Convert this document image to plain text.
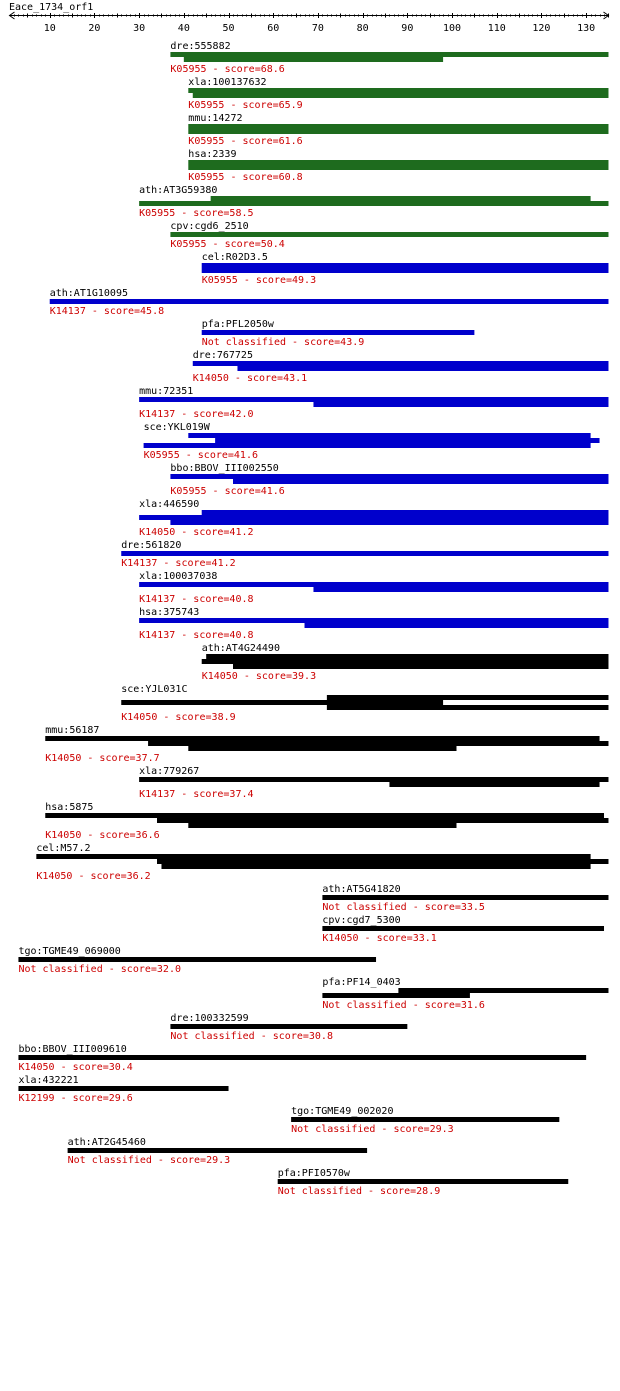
Eace_1734_orf1
10	20	30	40	50	60	70	80	90	100	110	120	130
dre:555882
K05955 - score=68.6
xla:100137632
K05955 - score=65.9
mmu:14272
K05955 - score=61.6
hsa:2339
K05955 - score=60.8
ath:AT3G59380
K05955 - score=58.5
cpv:cgd6_2510
K05955 - score=50.4
cel:R02D3.5
K05955 - score=49.3
ath:AT1G10095
K14137 - score=45.8
pfa:PFL2050w
Not classified - score=43.9
dre:767725
K14050 - score=43.1
mmu:72351
K14137 - score=42.0
sce:YKL019W
K05955 - score=41.6
bbo:BBOV_III002550
K05955 - score=41.6
xla:446590
K14050 - score=41.2
dre:561820
K14137 - score=41.2
xla:100037038
K14137 - score=40.8
hsa:375743
K14137 - score=40.8
ath:AT4G24490
K14050 - score=39.3
sce:YJL031C
K14050 - score=38.9
mmu:56187
K14050 - score=37.7
xla:779267
K14137 - score=37.4
hsa:5875
K14050 - score=36.6
cel:M57.2
K14050 - score=36.2
ath:AT5G41820
Not classified - score=33.5
cpv:cgd7_5300
K14050 - score=33.1
tgo:TGME49_069000
Not classified - score=32.0
pfa:PF14_0403
Not classified - score=31.6
dre:100332599
Not classified - score=30.8
bbo:BBOV_III009610
K14050 - score=30.4
xla:432221
K12199 - score=29.6
tgo:TGME49_002020
Not classified - score=29.3
ath:AT2G45460
Not classified - score=29.3
pfa:PFI0570w
Not classified - score=28.9
